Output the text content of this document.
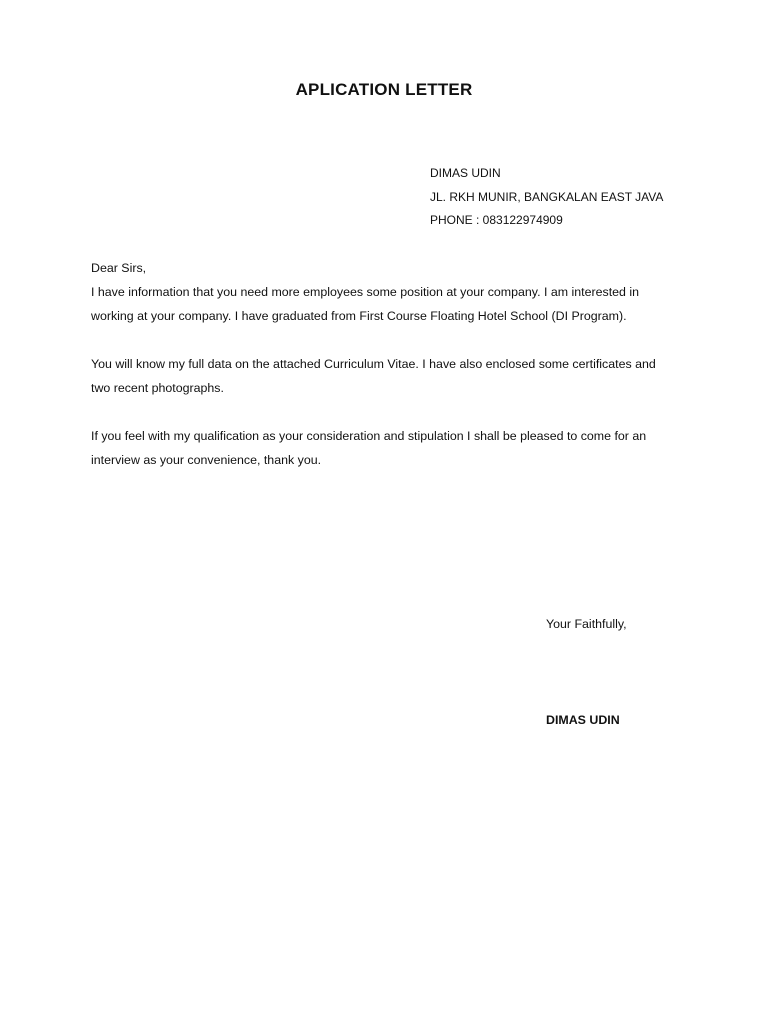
APLICATION LETTER
DIMAS UDIN
JL. RKH MUNIR, BANGKALAN EAST JAVA
PHONE : 083122974909

Dear Sirs,

I have information that you need more employees some position at your company. I am interested in working at your company. I have graduated from First Course Floating Hotel School (DI Program).

You will know my full data on the attached Curriculum Vitae. I have also enclosed some certificates and two recent photographs.

If you feel with my qualification as your consideration and stipulation I shall be pleased to come for an interview as your convenience, thank you.

Your Faithfully,
DIMAS UDIN
